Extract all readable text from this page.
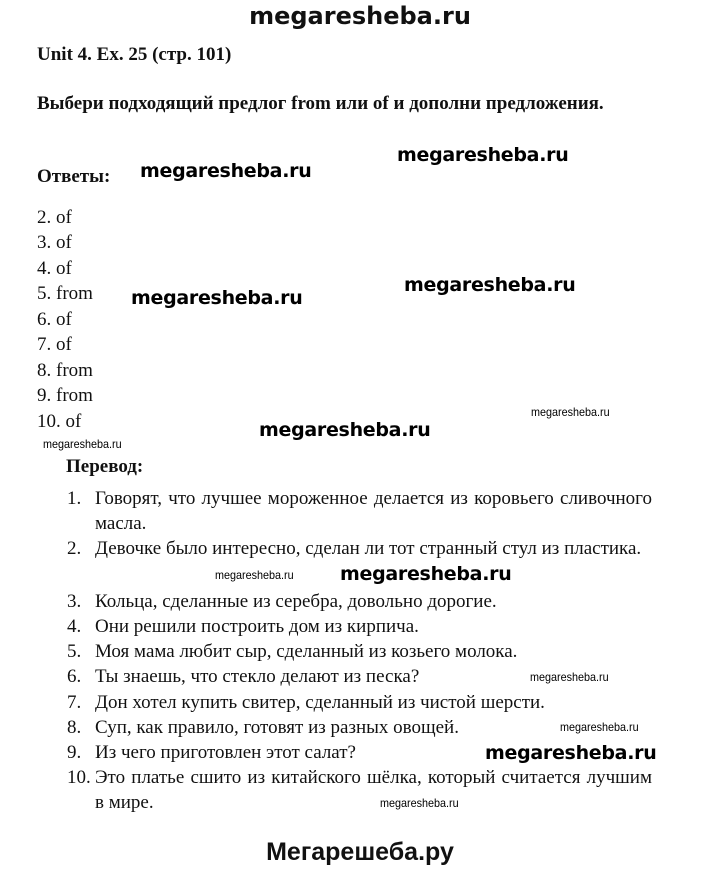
megaresheba.ru
Unit 4. Ex. 25 (стр. 101)
Выбери подходящий предлог from или of и дополни предложения.
Ответы:
2. of
3. of
4. of
5. from
6. of
7. of
8. from
9. from
10. of
Перевод:
1. Говорят, что лучшее мороженное делается из коровьего сливочного масла.
2. Девочке было интересно, сделан ли тот странный стул из пластика.
3. Кольца, сделанные из серебра, довольно дорогие.
4. Они решили построить дом из кирпича.
5. Моя мама любит сыр, сделанный из козьего молока.
6. Ты знаешь, что стекло делают из песка?
7. Дон хотел купить свитер, сделанный из чистой шерсти.
8. Суп, как правило, готовят из разных овощей.
9. Из чего приготовлен этот салат?
10. Это платье сшито из китайского шёлка, который считается лучшим в мире.
megaresheba.ru
megaresheba.ru
megaresheba.ru
megaresheba.ru
megaresheba.ru
megaresheba.ru
megaresheba.ru
megaresheba.ru
megaresheba.ru
megaresheba.ru
megaresheba.ru
megaresheba.ru
megaresheba.ru
Мегарешеба.ру
